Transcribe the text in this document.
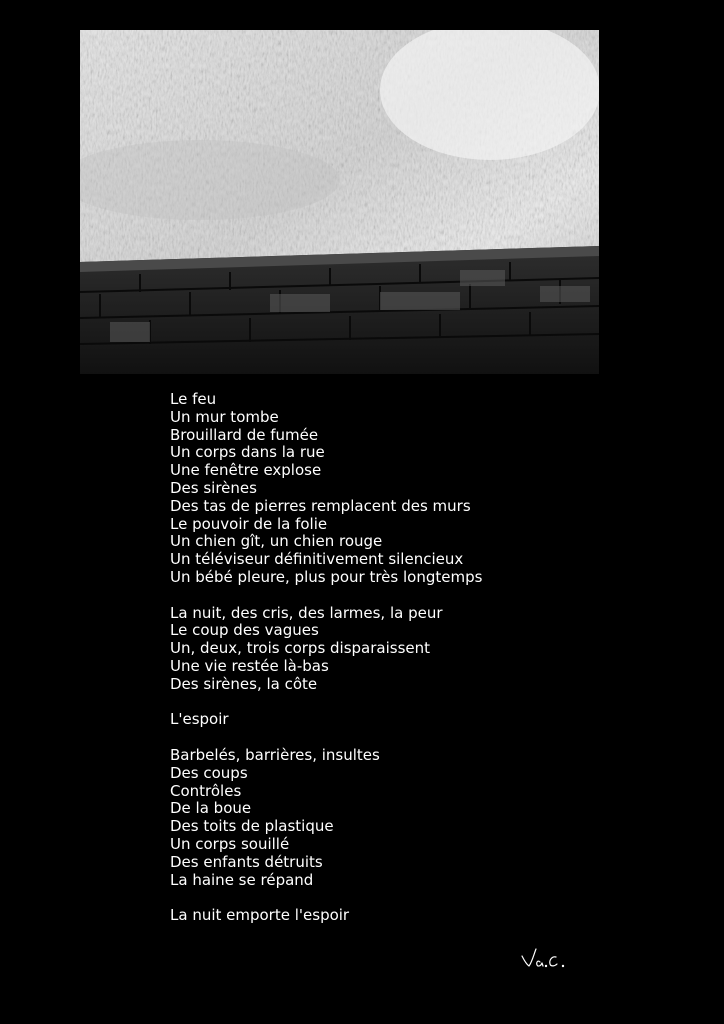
Le feu
Un mur tombe
Brouillard de fumée
Un corps dans la rue
Une fenêtre explose
Des sirènes
Des tas de pierres remplacent des murs
Le pouvoir de la folie
Un chien gît, un chien rouge
Un téléviseur définitivement silencieux
Un bébé pleure, plus pour très longtemps
La nuit, des cris, des larmes, la peur
Le coup des vagues
Un, deux, trois corps disparaissent
Une vie restée là-bas
Des sirènes, la côte
L'espoir
Barbelés, barrières, insultes
Des coups
Contrôles
De la boue
Des toits de plastique
Un corps souillé
Des enfants détruits
La haine se répand
La nuit emporte l'espoir
